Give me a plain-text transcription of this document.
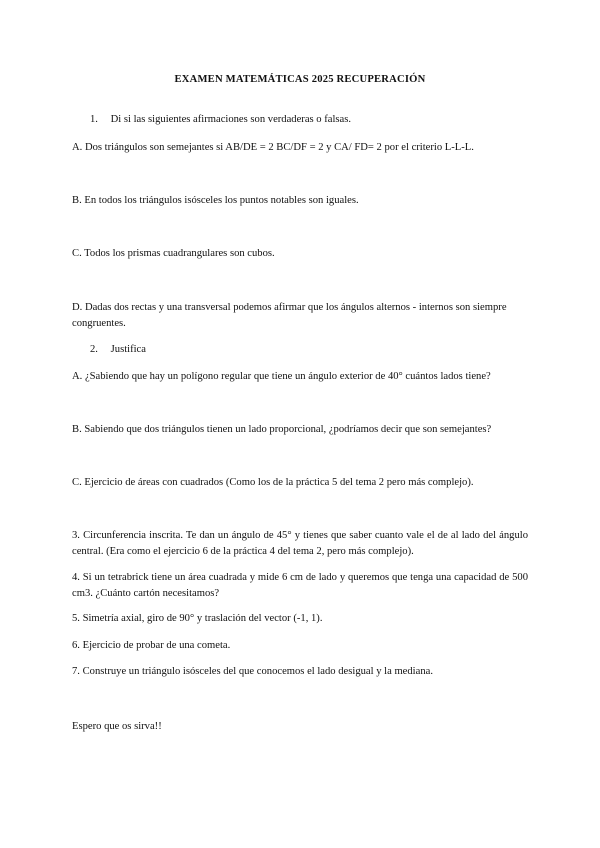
EXAMEN MATEMÁTICAS 2025 RECUPERACIÓN
1. Di si las siguientes afirmaciones son verdaderas o falsas.

A. Dos triángulos son semejantes si AB/DE = 2 BC/DF = 2 y CA/ FD= 2 por el criterio L-L-L.

B. En todos los triángulos isósceles los puntos notables son iguales.

C. Todos los prismas cuadrangulares son cubos.

D. Dadas dos rectas y una transversal podemos afirmar que los ángulos alternos - internos son siempre congruentes.

2. Justifica

A. ¿Sabiendo que hay un polígono regular que tiene un ángulo exterior de 40° cuántos lados tiene?

B. Sabiendo que dos triángulos tienen un lado proporcional, ¿podríamos decir que son semejantes?

C. Ejercicio de áreas con cuadrados (Como los de la práctica 5 del tema 2 pero más complejo).

3. Circunferencia inscrita. Te dan un ángulo de 45° y tienes que saber cuanto vale el de al lado del ángulo central. (Era como el ejercicio 6 de la práctica 4 del tema 2, pero más complejo).

4. Si un tetrabrick tiene un área cuadrada y mide 6 cm de lado y queremos que tenga una capacidad de 500 cm3. ¿Cuánto cartón necesitamos?

5. Simetría axial, giro de 90° y traslación del vector (-1, 1).

6. Ejercicio de probar de una cometa.

7. Construye un triángulo isósceles del que conocemos el lado desigual y la mediana.

Espero que os sirva!!
